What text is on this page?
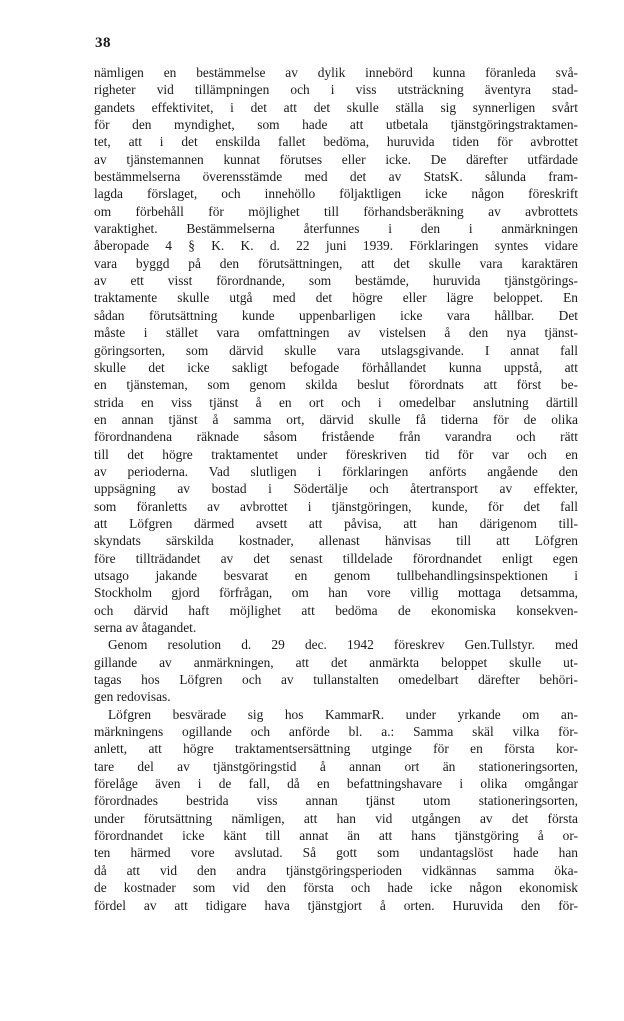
38
nämligen en bestämmelse av dylik innebörd kunna föranleda svå-
righeter vid tillämpningen och i viss utsträckning äventyra stad-
gandets effektivitet, i det att det skulle ställa sig synnerligen svårt
för den myndighet, som hade att utbetala tjänstgöringstraktamen-
tet, att i det enskilda fallet bedöma, huruvida tiden för avbrottet
av tjänstemannen kunnat förutses eller icke. De därefter utfärdade
bestämmelserna överensstämde med det av StatsK. sålunda fram-
lagda förslaget, och innehöllo följaktligen icke någon föreskrift
om förbehåll för möjlighet till förhandsberäkning av avbrottets
varaktighet. Bestämmelserna återfunnes i den i anmärkningen
åberopade 4 § K. K. d. 22 juni 1939. Förklaringen syntes vidare
vara byggd på den förutsättningen, att det skulle vara karaktären
av ett visst förordnande, som bestämde, huruvida tjänstgörings-
traktamente skulle utgå med det högre eller lägre beloppet. En
sådan förutsättning kunde uppenbarligen icke vara hållbar. Det
måste i stället vara omfattningen av vistelsen å den nya tjänst-
göringsorten, som därvid skulle vara utslagsgivande. I annat fall
skulle det icke sakligt befogade förhållandet kunna uppstå, att
en tjänsteman, som genom skilda beslut förordnats att först be-
strida en viss tjänst å en ort och i omedelbar anslutning därtill
en annan tjänst å samma ort, därvid skulle få tiderna för de olika
förordnandena räknade såsom fristående från varandra och rätt
till det högre traktamentet under föreskriven tid för var och en
av perioderna. Vad slutligen i förklaringen anförts angående den
uppsägning av bostad i Södertälje och återtransport av effekter,
som föranletts av avbrottet i tjänstgöringen, kunde, för det fall
att Löfgren därmed avsett att påvisa, att han därigenom till-
skyndats särskilda kostnader, allenast hänvisas till att Löfgren
före tillträdandet av det senast tilldelade förordnandet enligt egen
utsago jakande besvarat en genom tullbehandlingsinspektionen i
Stockholm gjord förfrågan, om han vore villig mottaga detsamma,
och därvid haft möjlighet att bedöma de ekonomiska konsekven-
serna av åtagandet.
Genom resolution d. 29 dec. 1942 föreskrev Gen.Tullstyr. med
gillande av anmärkningen, att det anmärkta beloppet skulle ut-
tagas hos Löfgren och av tullanstalten omedelbart därefter behöri-
gen redovisas.
Löfgren besvärade sig hos KammarR. under yrkande om an-
märkningens ogillande och anförde bl. a.: Samma skäl vilka för-
anlett, att högre traktamentsersättning utginge för en första kor-
tare del av tjänstgöringstid å annan ort än stationeringsorten,
förelåge även i de fall, då en befattningshavare i olika omgångar
förordnades bestrida viss annan tjänst utom stationeringsorten,
under förutsättning nämligen, att han vid utgången av det första
förordnandet icke känt till annat än att hans tjänstgöring å or-
ten härmed vore avslutad. Så gott som undantagslöst hade han
då att vid den andra tjänstgöringsperioden vidkännas samma öka-
de kostnader som vid den första och hade icke någon ekonomisk
fördel av att tidigare hava tjänstgjort å orten. Huruvida den för-
